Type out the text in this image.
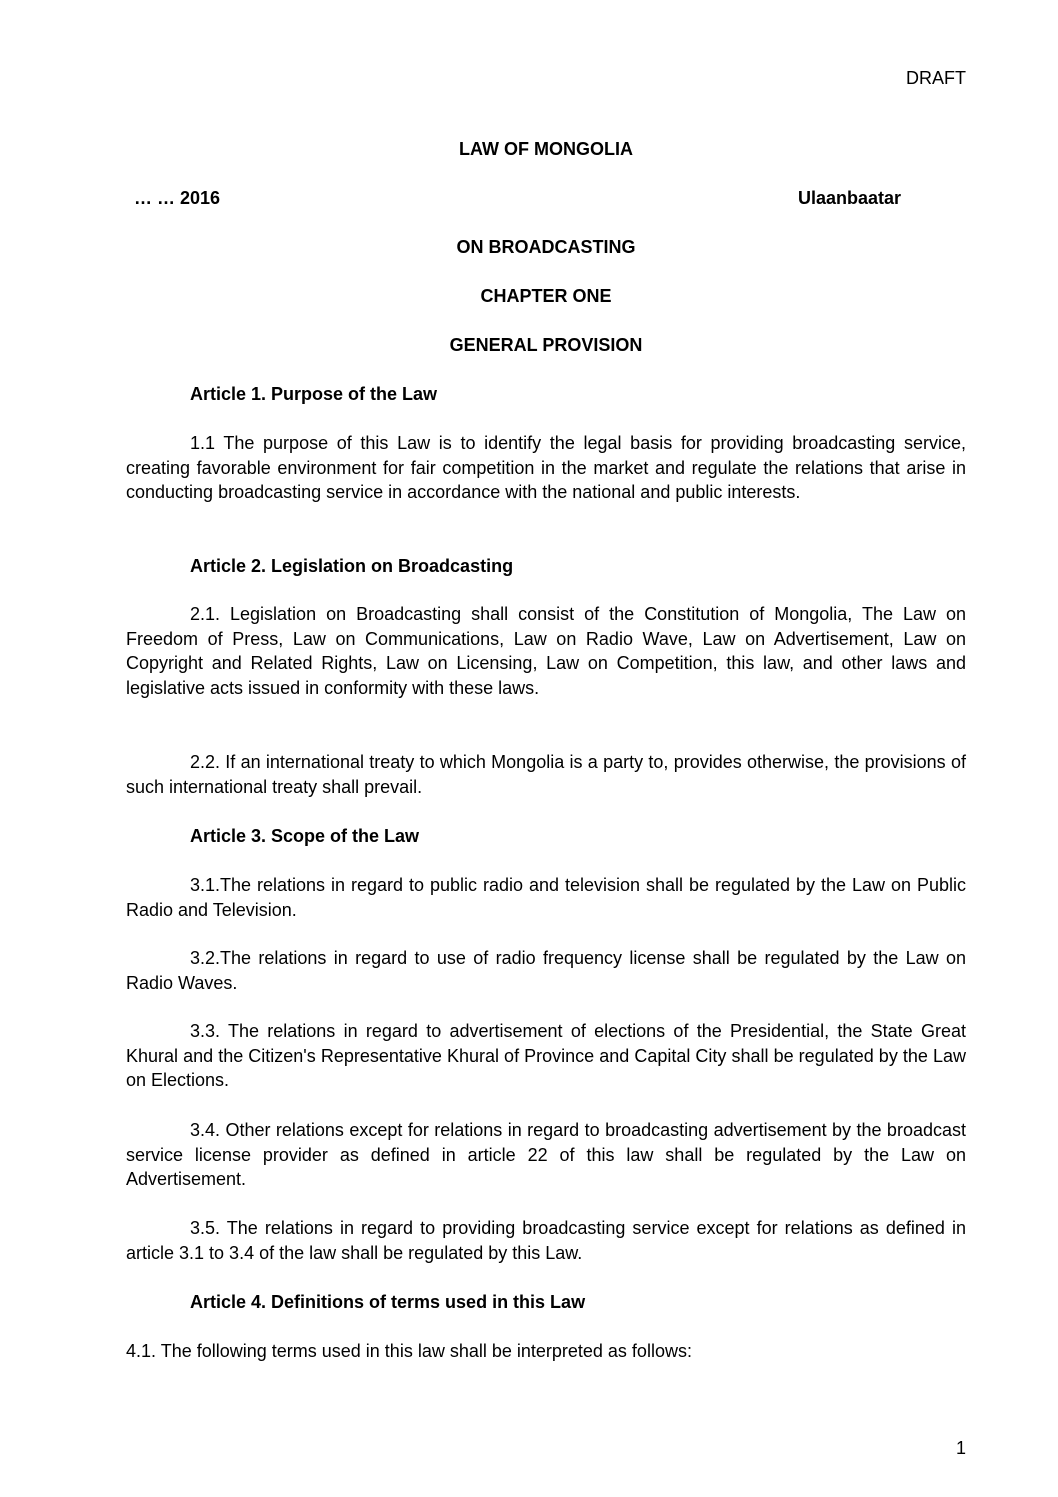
DRAFT
LAW OF MONGOLIA
… … 2016	Ulaanbaatar
ON BROADCASTING
CHAPTER ONE
GENERAL PROVISION
Article 1. Purpose of the Law

1.1 The purpose of this Law is to identify the legal basis for providing broadcasting service, creating favorable environment for fair competition in the market and regulate the relations that arise in conducting broadcasting service in accordance with the national and public interests.

Article 2. Legislation on Broadcasting

2.1. Legislation on Broadcasting shall consist of the Constitution of Mongolia, The Law on Freedom of Press, Law on Communications, Law on Radio Wave, Law on Advertisement, Law on Copyright and Related Rights, Law on Licensing, Law on Competition, this law, and other laws and legislative acts issued in conformity with these laws.

2.2. If an international treaty to which Mongolia is a party to, provides otherwise, the provisions of such international treaty shall prevail.

Article 3. Scope of the Law

3.1.The relations in regard to public radio and television shall be regulated by the Law on Public Radio and Television.

3.2.The relations in regard to use of radio frequency license shall be regulated by the Law on Radio Waves.

3.3. The relations in regard to advertisement of elections of the Presidential, the State Great Khural and the Citizen's Representative Khural of Province and Capital City shall be regulated by the Law on Elections.

3.4. Other relations except for relations in regard to broadcasting advertisement by the broadcast service license provider as defined in article 22 of this law shall be regulated by the Law on Advertisement.

3.5. The relations in regard to providing broadcasting service except for relations as defined in article 3.1 to 3.4 of the law shall be regulated by this Law.

Article 4. Definitions of terms used in this Law
4.1. The following terms used in this law shall be interpreted as follows:
1
